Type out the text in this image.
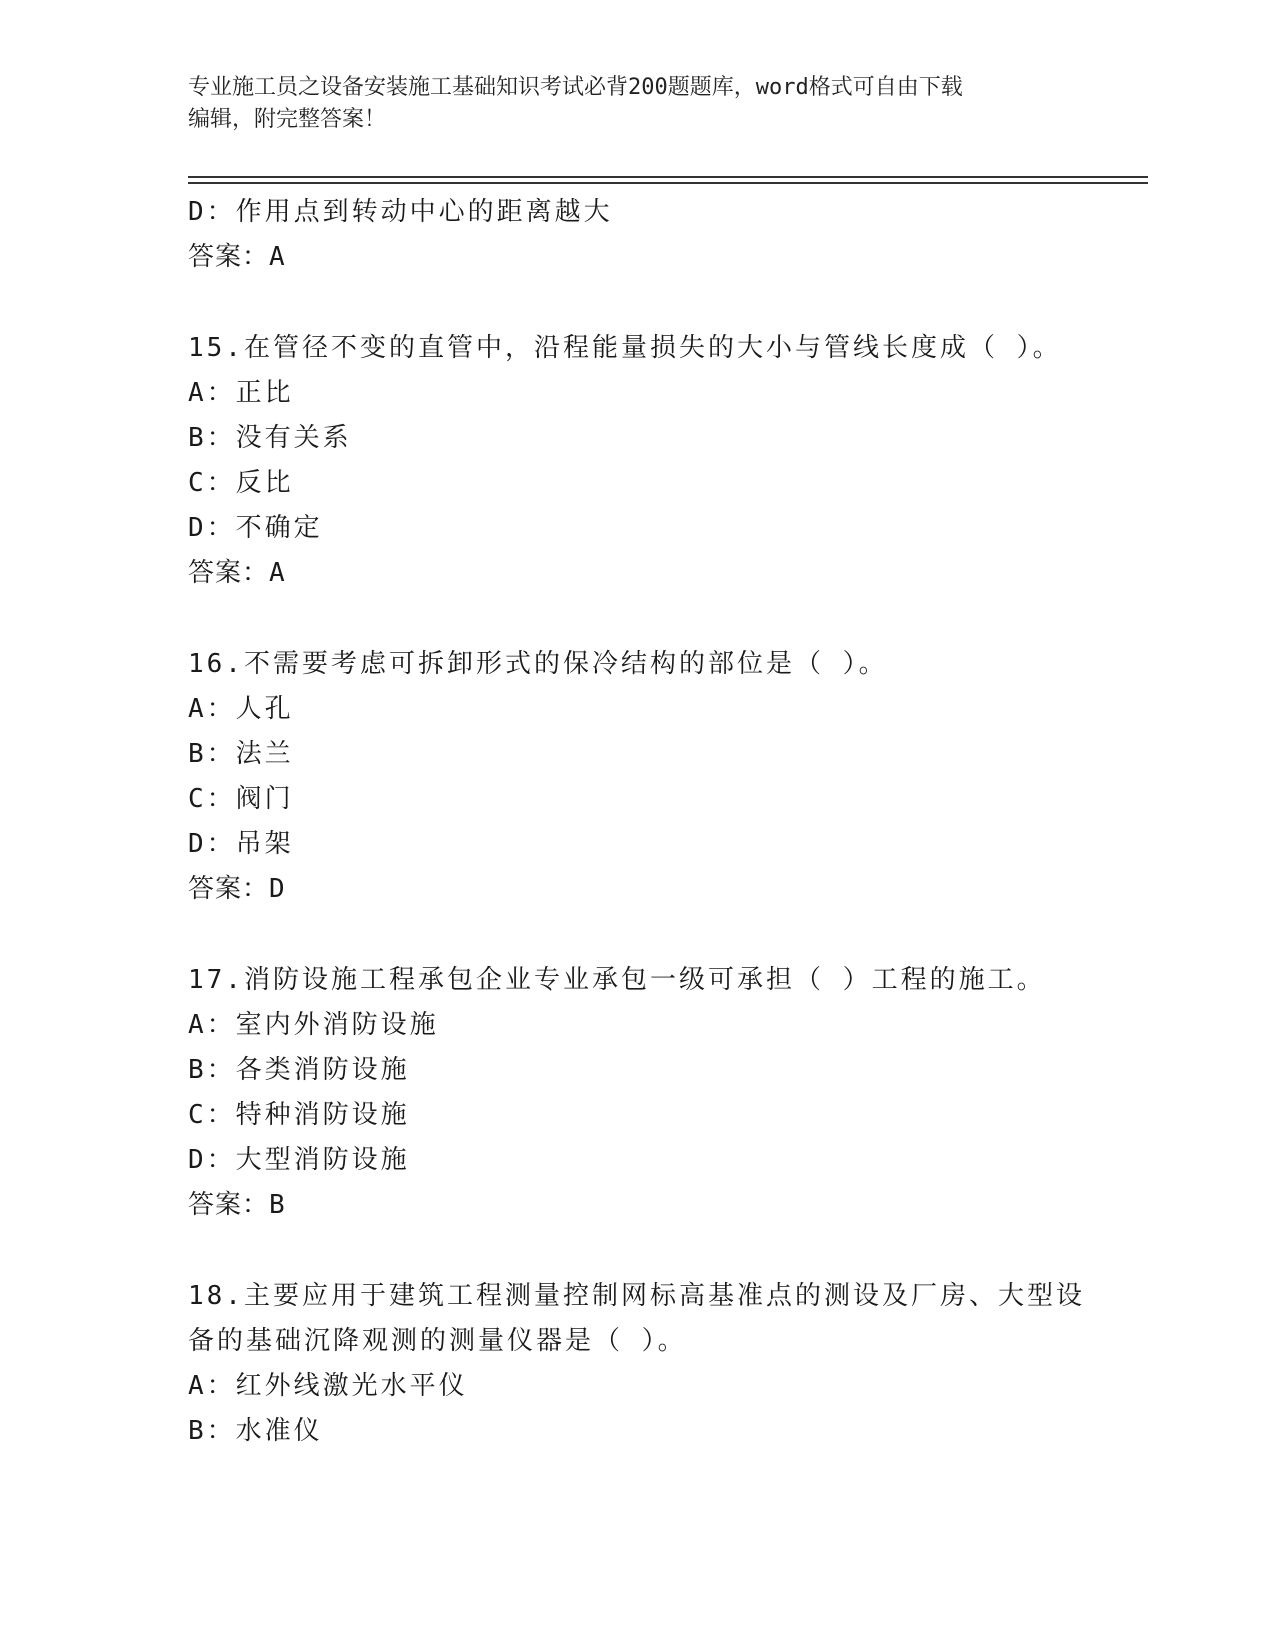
专业施工员之设备安装施工基础知识考试必背200题题库，word格式可自由下载

编辑，附完整答案！

D：作用点到转动中心的距离越大
答案：A
15.在管径不变的直管中，沿程能量损失的大小与管线长度成（ ）。
A：正比
B：没有关系
C：反比
D：不确定
答案：A
16.不需要考虑可拆卸形式的保冷结构的部位是（ ）。
A：人孔
B：法兰
C：阀门
D：吊架
答案：D
17.消防设施工程承包企业专业承包一级可承担（ ）工程的施工。
A：室内外消防设施
B：各类消防设施
C：特种消防设施
D：大型消防设施
答案：B
18.主要应用于建筑工程测量控制网标高基准点的测设及厂房、大型设
备的基础沉降观测的测量仪器是（ ）。
A：红外线激光水平仪
B：水准仪
